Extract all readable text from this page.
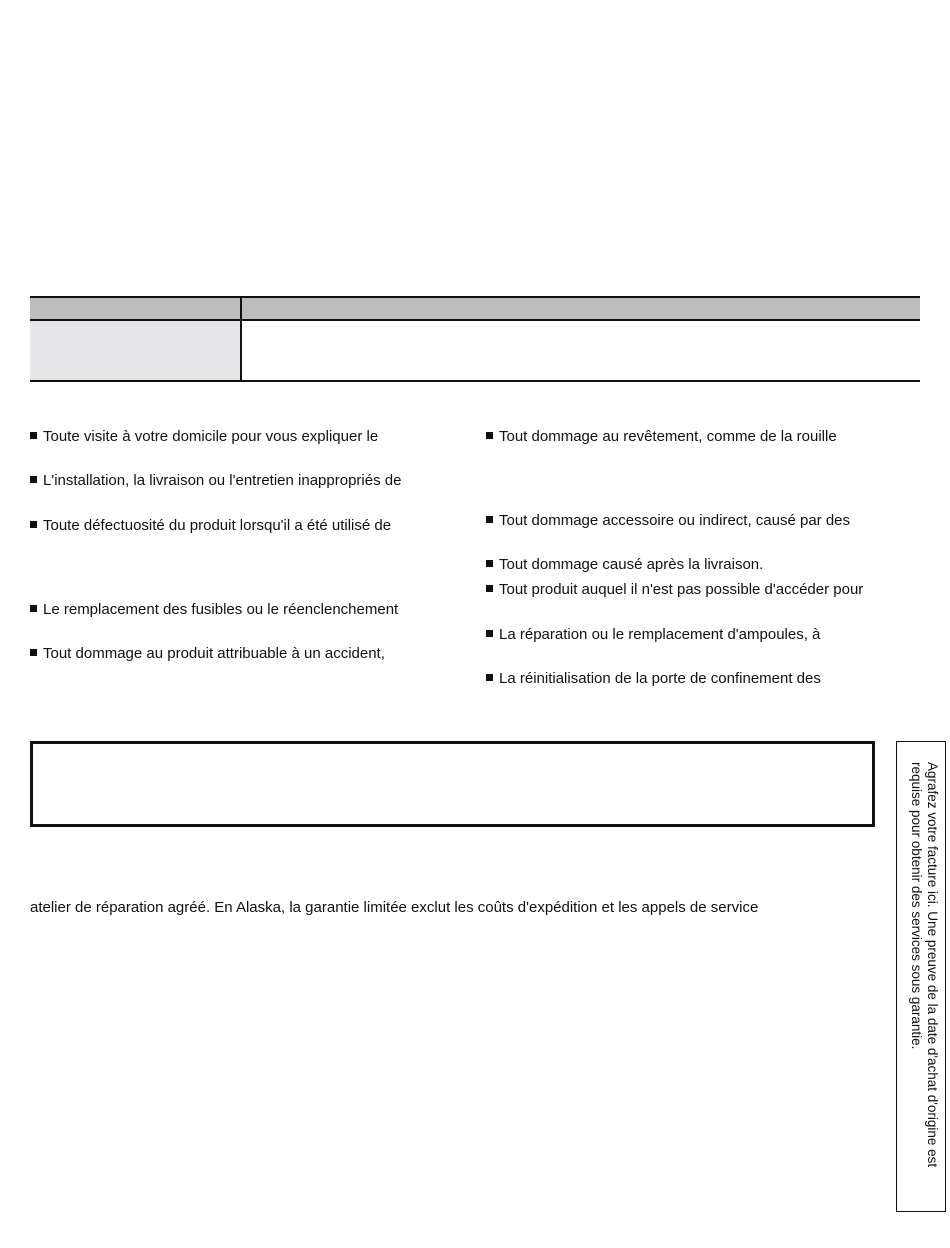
Toute visite à votre domicile pour vous expliquer le
L'installation, la livraison ou l'entretien inappropriés de
Toute défectuosité du produit lorsqu'il a été utilisé de
Le remplacement des fusibles ou le réenclenchement
Tout dommage au produit attribuable à un accident,
Tout dommage au revêtement, comme de la rouille
Tout dommage accessoire ou indirect, causé par des
Tout dommage causé après la livraison.
Tout produit auquel il n'est pas possible d'accéder pour
La réparation ou le remplacement d'ampoules, à
La réinitialisation de la porte de confinement des
atelier de réparation agréé. En Alaska, la garantie limitée exclut les coûts d'expédition et les appels de service	Agrafez votre facture ici. Une preuve de la date d'achat d'origine est requise pour obtenir des services sous garantie.
